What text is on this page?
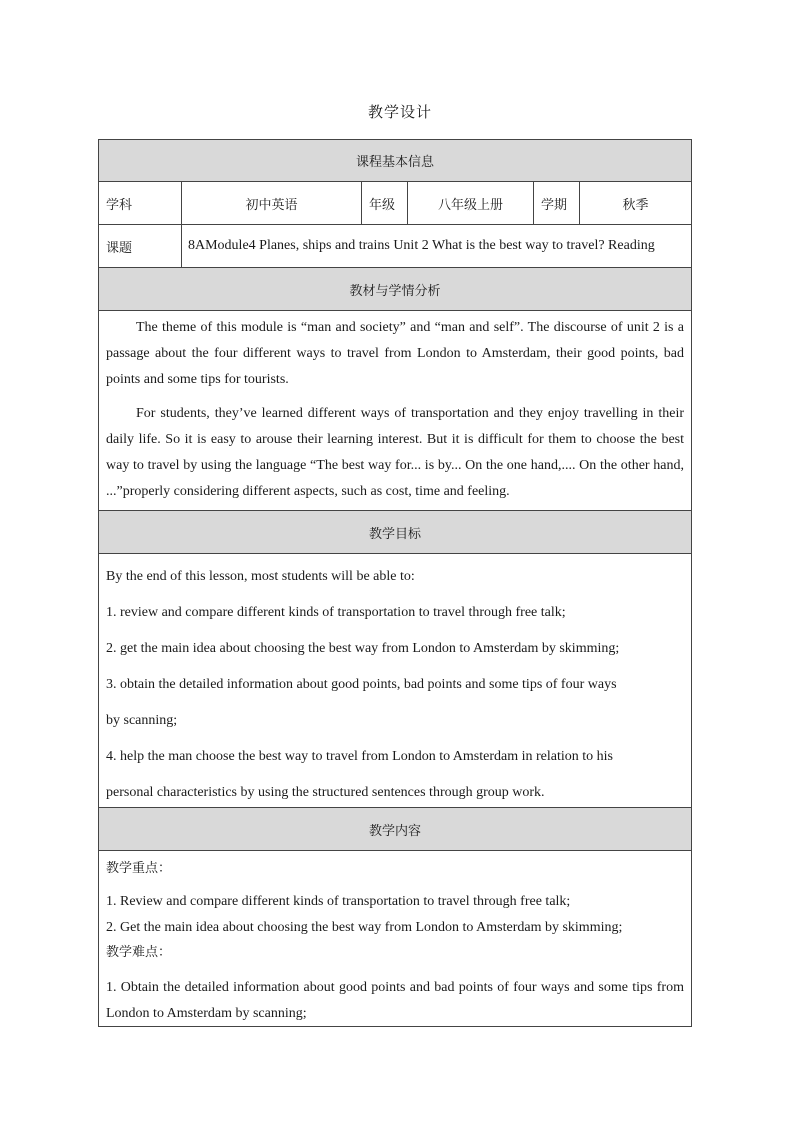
教学设计
课程基本信息
学科	初中英语	年级	八年级上册	学期	秋季
课题	8AModule4 Planes, ships and trains Unit 2 What is the best way to travel? Reading
教材与学情分析

The theme of this module is “man and society” and “man and self”. The discourse of unit 2 is a passage about the four different ways to travel from London to Amsterdam, their good points, bad points and some tips for tourists.

For students, they’ve learned different ways of transportation and they enjoy travelling in their daily life. So it is easy to arouse their learning interest. But it is difficult for them to choose the best way to travel by using the language “The best way for... is by... On the one hand,.... On the other hand, ...”properly considering different aspects, such as cost, time and feeling.

教学目标
By the end of this lesson, most students will be able to:
1. review and compare different kinds of transportation to travel through free talk;
2. get the main idea about choosing the best way from London to Amsterdam by skimming;
3. obtain the detailed information about good points, bad points and some tips of four ways
by scanning;
4. help the man choose the best way to travel from London to Amsterdam in relation to his
personal characteristics by using the structured sentences through group work.
教学内容
教学重点：
1. Review and compare different kinds of transportation to travel through free talk;
2. Get the main idea about choosing the best way from London to Amsterdam by skimming;
教学难点：
1. Obtain the detailed information about good points and bad points of four ways and some tips from London to Amsterdam by scanning;
